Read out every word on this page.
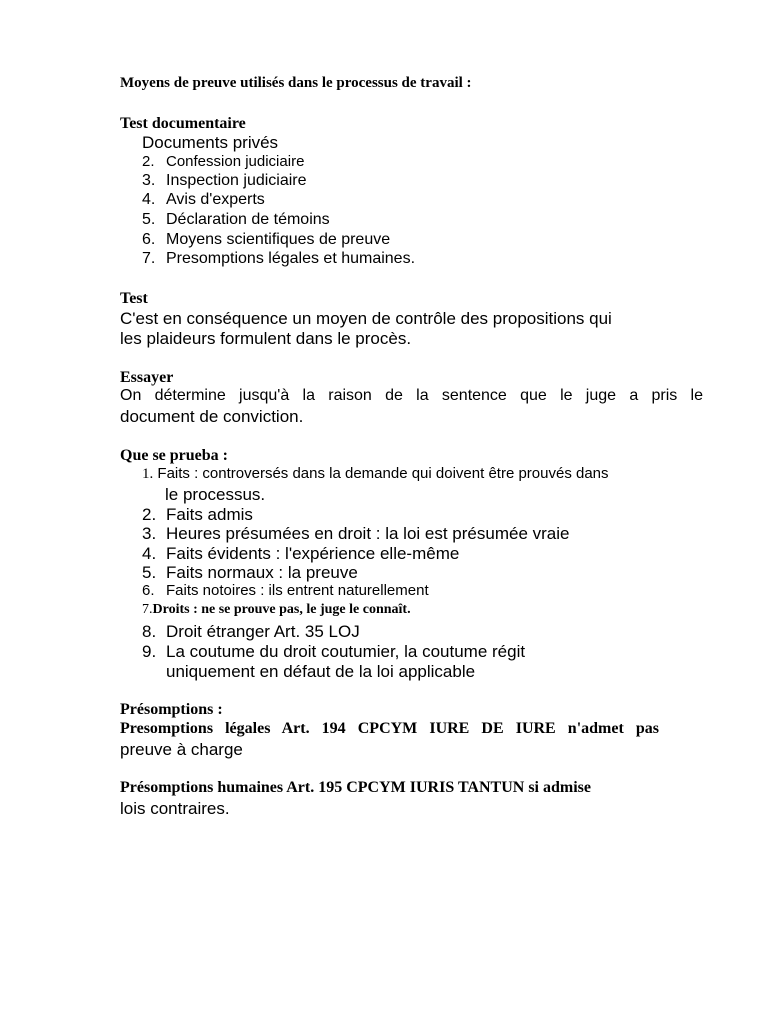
Moyens de preuve utilisés dans le processus de travail :
Test documentaire
Documents privés
2. Confession judiciaire
3. Inspection judiciaire
4. Avis d'experts
5. Déclaration de témoins
6. Moyens scientifiques de preuve
7. Presomptions légales et humaines.
Test
C'est en conséquence un moyen de contrôle des propositions qui
les plaideurs formulent dans le procès.
Essayer
On détermine jusqu'à la raison de la sentence que le juge a pris le
document de conviction.
Que se prueba :
1. Faits : controversés dans la demande qui doivent être prouvés dans
le processus.
2. Faits admis
3. Heures présumées en droit : la loi est présumée vraie
4. Faits évidents : l'expérience elle-même
5. Faits normaux : la preuve
6. Faits notoires : ils entrent naturellement
7.Droits : ne se prouve pas, le juge le connaît.
8. Droit étranger Art. 35 LOJ
9. La coutume du droit coutumier, la coutume régit
uniquement en défaut de la loi applicable
Présomptions :
Presomptions légales Art. 194 CPCYM IURE DE IURE n'admet pas
preuve à charge
Présomptions humaines Art. 195 CPCYM IURIS TANTUN si admise
lois contraires.
